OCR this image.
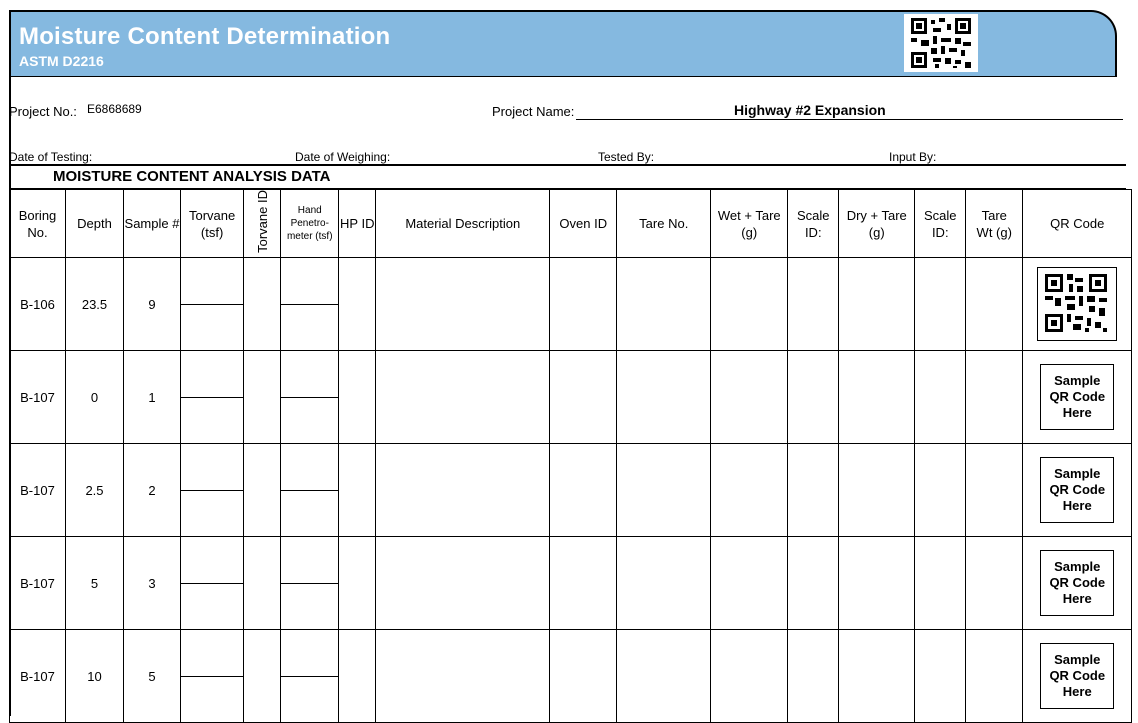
Moisture Content Determination
ASTM D2216
Project No.: E6868689	Project Name:	Highway #2 Expansion
Date of Testing:	Date of Weighing:	Tested By:	Input By:
MOISTURE CONTENT ANALYSIS DATA
Boring No.	Depth	Sample #	Torvane (tsf)	Torvane ID	Hand Penetro-meter (tsf)	HP ID	Material Description	Oven ID	Tare No.	Wet + Tare (g)	Scale ID:	Dry + Tare (g)	Scale ID:	Tare Wt (g)	QR Code
B-106	23.5	9	

B-107	0	1													Sample
QR Code
Here

B-107	2.5	2													Sample
QR Code
Here

B-107	5	3													Sample
QR Code
Here

B-107	10	5													Sample
QR Code
Here
